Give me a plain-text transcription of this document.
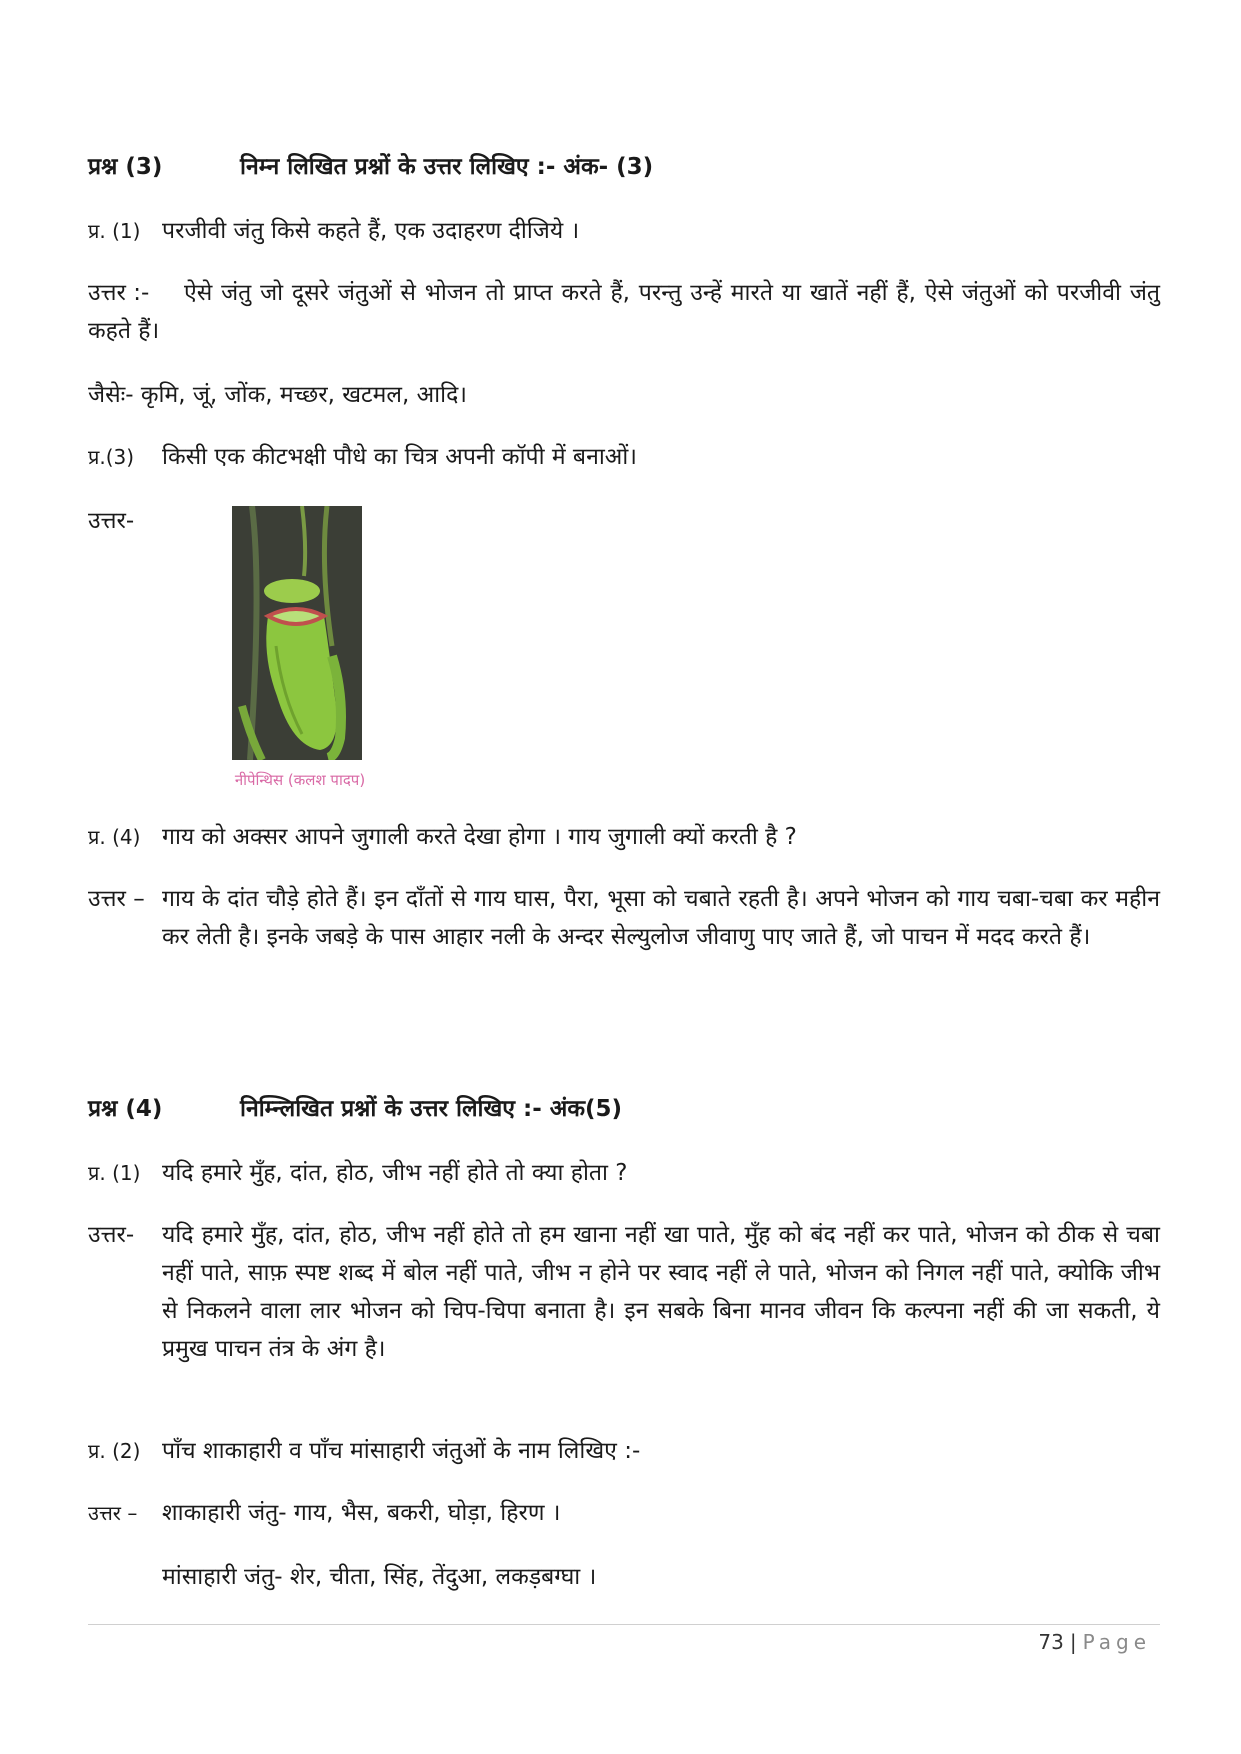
प्रश्न (3)	निम्न लिखित प्रश्नों के उत्तर लिखिए :- अंक- (3)
प्र. (1) परजीवी जंतु किसे कहते हैं, एक उदाहरण दीजिये ।
उत्तर :-	ऐसे जंतु जो दूसरे जंतुओं से भोजन तो प्राप्त करते हैं, परन्तु उन्हें मारते या खातें नहीं हैं, ऐसे जंतुओं को परजीवी जंतु कहते हैं।
जैसेः- कृमि, जूं, जोंक, मच्छर, खटमल, आदि।
प्र.(3) किसी एक कीटभक्षी पौधे का चित्र अपनी कॉपी में बनाओं।
उत्तर-
नीपेन्थिस (कलश पादप)
प्र. (4) गाय को अक्सर आपने जुगाली करते देखा होगा । गाय जुगाली क्यों करती है ?
उत्तर – गाय के दांत चौड़े होते हैं। इन दाँतों से गाय घास, पैरा, भूसा को चबाते रहती है। अपने भोजन को गाय चबा-चबा कर महीन कर लेती है। इनके जबड़े के पास आहार नली के अन्दर सेल्युलोज जीवाणु पाए जाते हैं, जो पाचन में मदद करते हैं।
प्रश्न (4)	निम्न्लिखित प्रश्नों के उत्तर लिखिए :- अंक(5)
प्र. (1) यदि हमारे मुँह, दांत, होठ, जीभ नहीं होते तो क्या होता ?
उत्तर-	यदि हमारे मुँह, दांत, होठ, जीभ नहीं होते तो हम खाना नहीं खा पाते, मुँह को बंद नहीं कर पाते, भोजन को ठीक से चबा नहीं पाते, साफ़ स्पष्ट शब्द में बोल नहीं पाते, जीभ न होने पर स्वाद नहीं ले पाते, भोजन को निगल नहीं पाते, क्योकि जीभ से निकलने वाला लार भोजन को चिप-चिपा बनाता है। इन सबके बिना मानव जीवन कि कल्पना नहीं की जा सकती, ये प्रमुख पाचन तंत्र के अंग है।
प्र. (2) पाँच शाकाहारी व पाँच मांसाहारी जंतुओं के नाम लिखिए :-
उत्तर – शाकाहारी जंतु- गाय, भैस, बकरी, घोड़ा, हिरण ।
मांसाहारी जंतु- शेर, चीता, सिंह, तेंदुआ, लकड़बग्घा ।
73 | Page
